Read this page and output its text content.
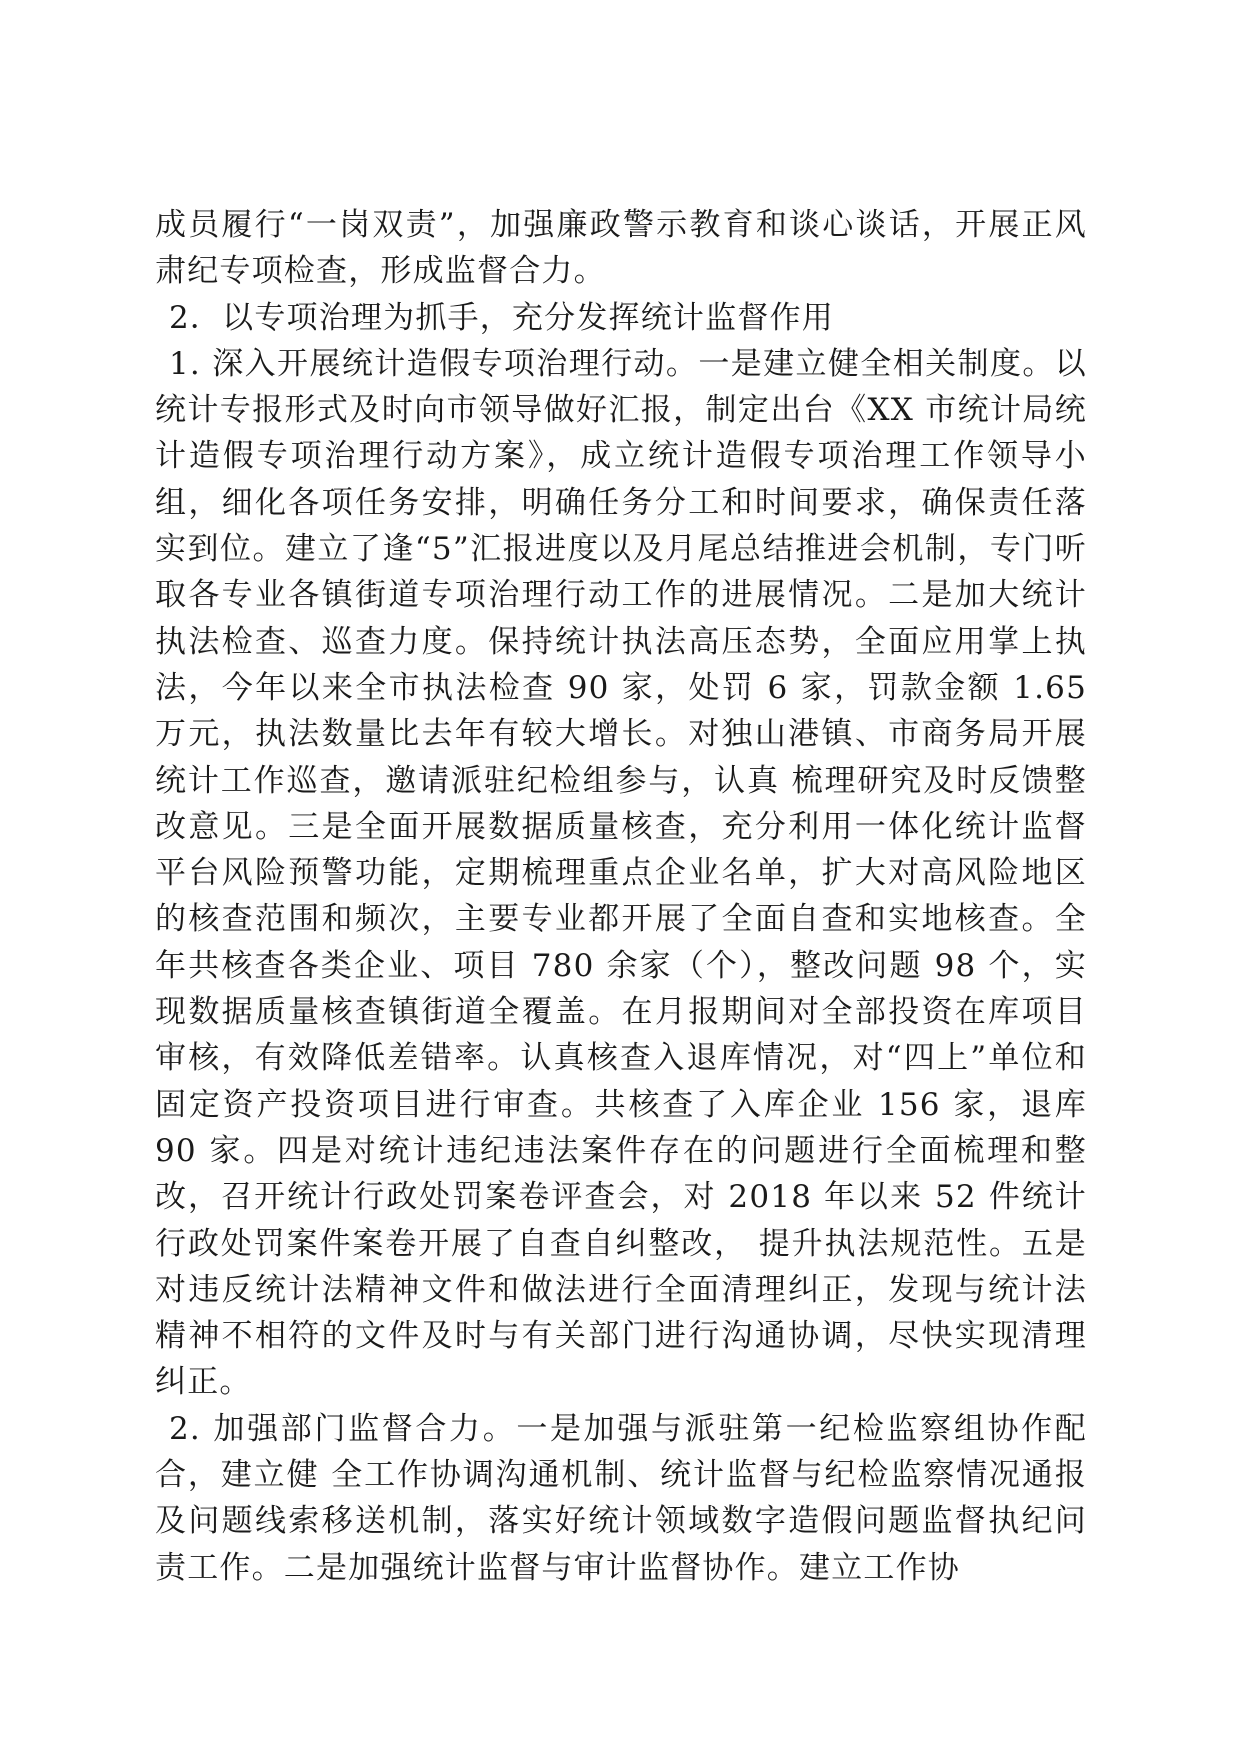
成员履行“一岗双责”，加强廉政警示教育和谈心谈话，开展正风肃纪专项检查，形成监督合力。

2．以专项治理为抓手，充分发挥统计监督作用

1. 深入开展统计造假专项治理行动。一是建立健全相关制度。以统计专报形式及时向市领导做好汇报，制定出台《XX 市统计局统计造假专项治理行动方案》，成立统计造假专项治理工作领导小组，细化各项任务安排，明确任务分工和时间要求，确保责任落实到位。建立了逢“5”汇报进度以及月尾总结推进会机制，专门听取各专业各镇街道专项治理行动工作的进展情况。二是加大统计执法检查、巡查力度。保持统计执法高压态势，全面应用掌上执法，今年以来全市执法检查 90 家，处罚 6 家，罚款金额 1.65 万元，执法数量比去年有较大增长。对独山港镇、市商务局开展统计工作巡查，邀请派驻纪检组参与，认真 梳理研究及时反馈整改意见。三是全面开展数据质量核查，充分利用一体化统计监督平台风险预警功能，定期梳理重点企业名单，扩大对高风险地区的核查范围和频次，主要专业都开展了全面自查和实地核查。全年共核查各类企业、项目 780 余家（个），整改问题 98 个，实现数据质量核查镇街道全覆盖。在月报期间对全部投资在库项目审核，有效降低差错率。认真核查入退库情况，对“四上”单位和固定资产投资项目进行审查。共核查了入库企业 156 家，退库 90 家。四是对统计违纪违法案件存在的问题进行全面梳理和整改，召开统计行政处罚案卷评查会，对 2018 年以来 52 件统计行政处罚案件案卷开展了自查自纠整改， 提升执法规范性。五是对违反统计法精神文件和做法进行全面清理纠正，发现与统计法精神不相符的文件及时与有关部门进行沟通协调，尽快实现清理纠正。

2. 加强部门监督合力。一是加强与派驻第一纪检监察组协作配合，建立健 全工作协调沟通机制、统计监督与纪检监察情况通报及问题线索移送机制，落实好统计领域数字造假问题监督执纪问责工作。二是加强统计监督与审计监督协作。建立工作协
